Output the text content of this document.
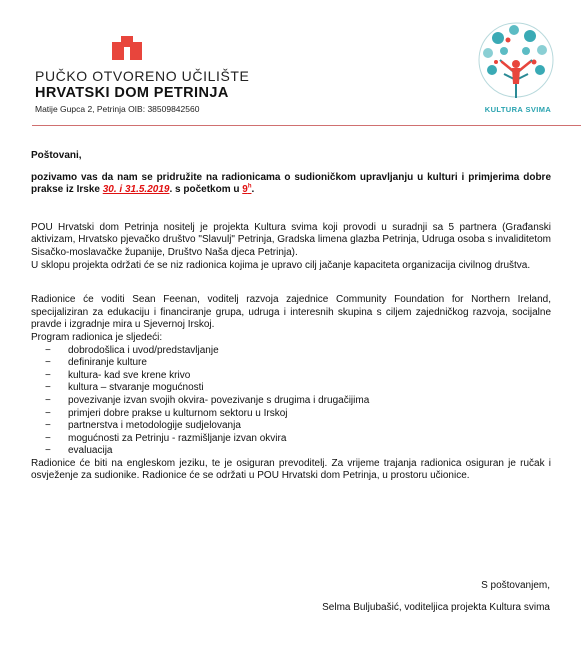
PUČKO OTVORENO UČILIŠTE
HRVATSKI DOM PETRINJA
Matije Gupca 2, Petrinja OIB: 38509842560	KULTURA SVIMA

Poštovani,

pozivamo vas da nam se pridružite na radionicama o sudioničkom upravljanju u kulturi i primjerima dobre prakse iz Irske 30. i 31.5.2019. s početkom u 9$^h$.

POU Hrvatski dom Petrinja nositelj je projekta Kultura svima koji provodi u suradnji sa 5 partnera (Građanski aktivizam, Hrvatsko pjevačko društvo "Slavulj" Petrinja, Gradska limena glazba Petrinja, Udruga osoba s invaliditetom Sisačko-moslavačke županije, Društvo Naša djeca Petrinja).

U sklopu projekta održati će se niz radionica kojima je upravo cilj jačanje kapaciteta organizacija civilnog društva.

Radionice će voditi Sean Feenan, voditelj razvoja zajednice Community Foundation for Northern Ireland, specijaliziran za edukaciju i financiranje grupa, udruga i interesnih skupina s ciljem zajedničkog razvoja, socijalne pravde i izgradnje mira u Sjevernoj Irskoj.

Program radionica je sljedeći:

− dobrodošlica i uvod/predstavljanje
− definiranje kulture
− kultura- kad sve krene krivo
− kultura – stvaranje mogućnosti
− povezivanje izvan svojih okvira- povezivanje s drugima i drugačijima
− primjeri dobre prakse u kulturnom sektoru u Irskoj
− partnerstva i metodologije sudjelovanja
− mogućnosti za Petrinju - razmišljanje izvan okvira
− evaluacija

Radionice će biti na engleskom jeziku, te je osiguran prevoditelj. Za vrijeme trajanja radionica osiguran je ručak i osvježenje za sudionike. Radionice će se održati u POU Hrvatski dom Petrinja, u prostoru učionice.

S poštovanjem,

Selma Buljubašić, voditeljica projekta Kultura svima
